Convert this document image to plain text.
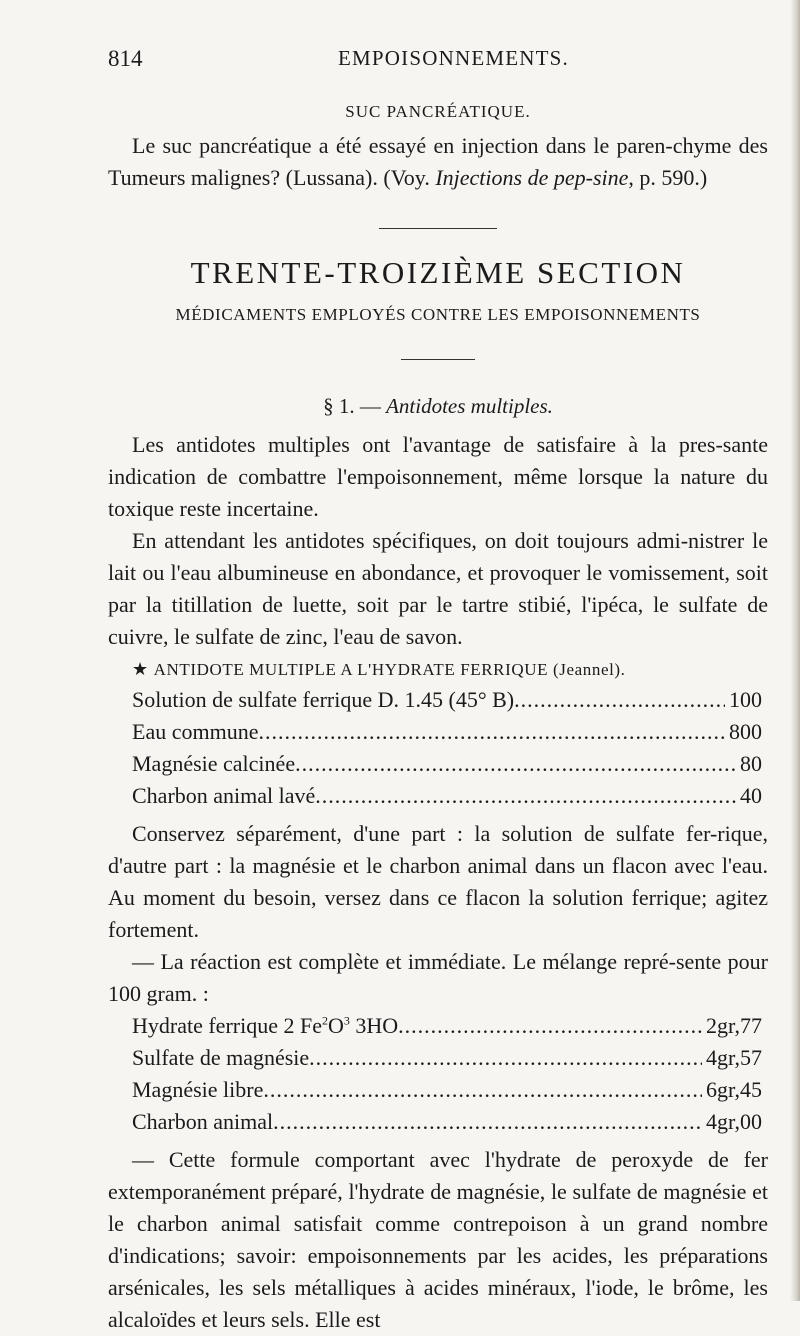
814	EMPOISONNEMENTS.
SUC PANCRÉATIQUE.

Le suc pancréatique a été essayé en injection dans le paren-chyme des Tumeurs malignes? (Lussana). (Voy. Injections de pep-sine, p. 590.)

TRENTE-TROIZIÈME SECTION
MÉDICAMENTS EMPLOYÉS CONTRE LES EMPOISONNEMENTS
§ 1. — Antidotes multiples.

Les antidotes multiples ont l'avantage de satisfaire à la pres-sante indication de combattre l'empoisonnement, même lorsque la nature du toxique reste incertaine.

En attendant les antidotes spécifiques, on doit toujours admi-nistrer le lait ou l'eau albumineuse en abondance, et provoquer le vomissement, soit par la titillation de luette, soit par le tartre stibié, l'ipéca, le sulfate de cuivre, le sulfate de zinc, l'eau de savon.

★ ANTIDOTE MULTIPLE A L'HYDRATE FERRIQUE (Jeannel).
Solution de sulfate ferrique D. 1.45 (45° B) .....	100
Eau commune .....	800
Magnésie calcinée .....	80
Charbon animal lavé .....	40

Conservez séparément, d'une part : la solution de sulfate fer-rique, d'autre part : la magnésie et le charbon animal dans un flacon avec l'eau. Au moment du besoin, versez dans ce flacon la solution ferrique; agitez fortement.

— La réaction est complète et immédiate. Le mélange repré-sente pour 100 gram. :

Hydrate ferrique 2 $Fe^2O^3$ 3HO .....	2gr,77
Sulfate de magnésie .....	4gr,57
Magnésie libre .....	6gr,45
Charbon animal .....	4gr,00

— Cette formule comportant avec l'hydrate de peroxyde de fer extemporanément préparé, l'hydrate de magnésie, le sulfate de magnésie et le charbon animal satisfait comme contrepoison à un grand nombre d'indications; savoir: empoisonnements par les acides, les préparations arsénicales, les sels métalliques à acides minéraux, l'iode, le brôme, les alcaloïdes et leurs sels. Elle est
